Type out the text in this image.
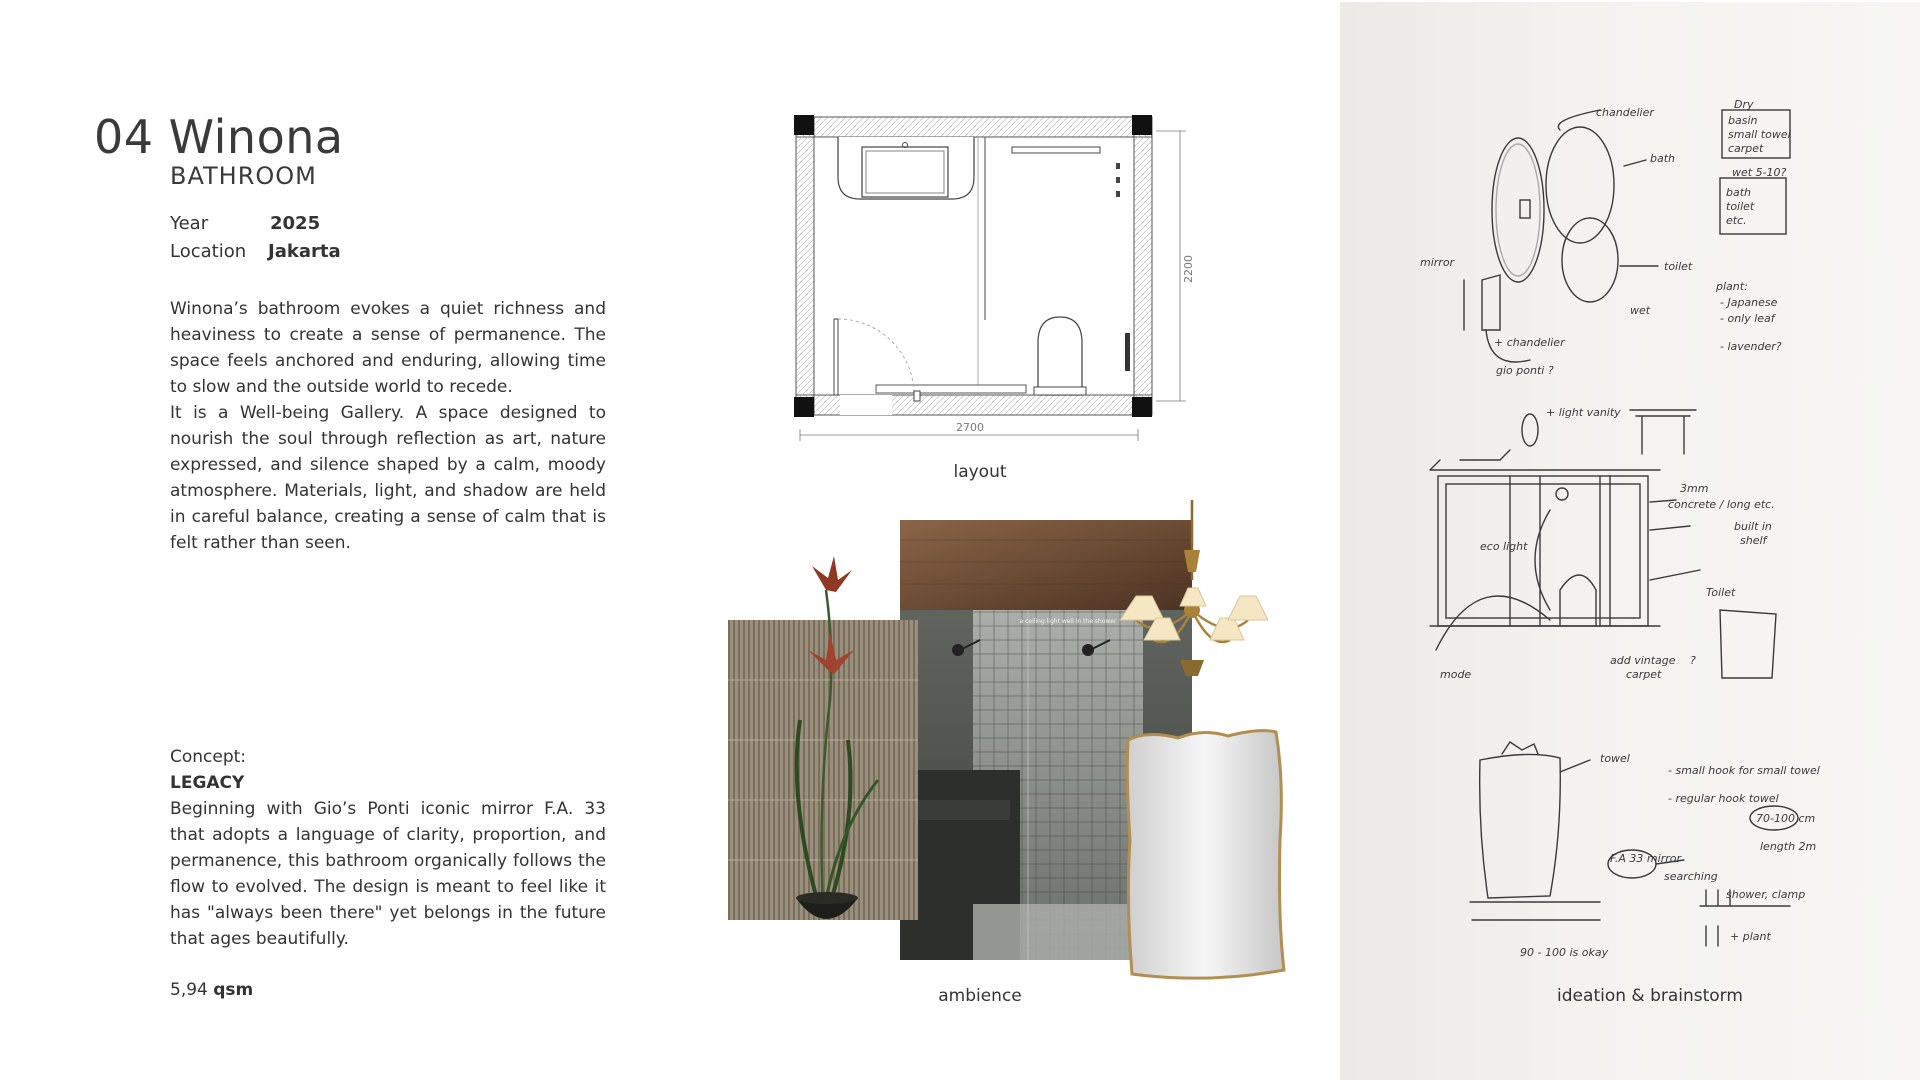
04 Winona
BATHROOM
Year	2025
Location	Jakarta

Winona’s bathroom evokes a quiet richness and heaviness to create a sense of permanence. The space feels anchored and enduring, allowing time to slow and the outside world to recede.

It is a Well-being Gallery. A space designed to nourish the soul through reflection as art, nature expressed, and silence shaped by a calm, moody atmosphere. Materials, light, and shadow are held in careful balance, creating a sense of calm that is felt rather than seen.

Concept:
LEGACY
Beginning with Gio’s Ponti iconic mirror F.A. 33 that adopts a language of clarity, proportion, and permanence, this bathroom organically follows the flow to evolved. The design is meant to feel like it has "always been there" yet belongs in the future that ages beautifully.
5,94 qsm
2700
2200
layout
a ceiling light well in the shower
ambience
Dry
basin
small towel
carpet
wet 5-10?
bath
toilet
etc.
chandelier
bath
toilet
mirror
gio ponti ?
plant:
- Japanese
- only leaf
- lavender?
wet
+ chandelier
+ light vanity
3mm
concrete / long etc.
built in
shelf
Toilet
eco light
add vintage
carpet
?
mode
- small hook for small towel
- regular hook towel
70-100 cm
length 2m
F.A 33 mirror
searching
shower, clamp
towel
+ plant
90 - 100 is okay
ideation & brainstorm
